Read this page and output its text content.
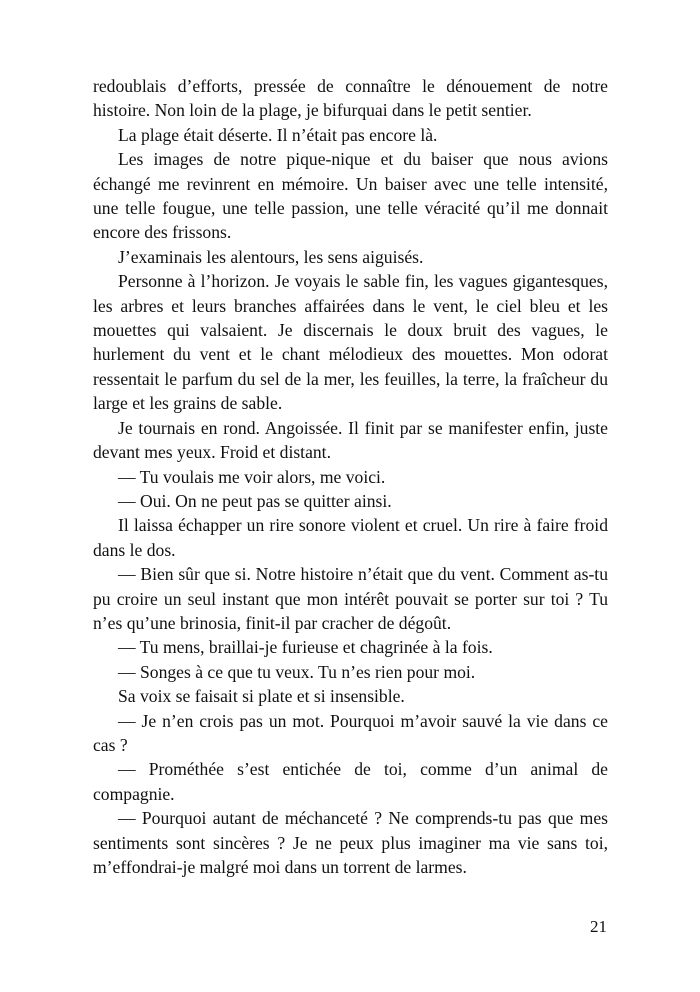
redoublais d’efforts, pressée de connaître le dénouement de notre histoire. Non loin de la plage, je bifurquai dans le petit sentier.

La plage était déserte. Il n’était pas encore là.

Les images de notre pique-nique et du baiser que nous avions échangé me revinrent en mémoire. Un baiser avec une telle intensité, une telle fougue, une telle passion, une telle véracité qu’il me donnait encore des frissons.

J’examinais les alentours, les sens aiguisés.

Personne à l’horizon. Je voyais le sable fin, les vagues gigantesques, les arbres et leurs branches affairées dans le vent, le ciel bleu et les mouettes qui valsaient. Je discernais le doux bruit des vagues, le hurlement du vent et le chant mélodieux des mouettes. Mon odorat ressentait le parfum du sel de la mer, les feuilles, la terre, la fraîcheur du large et les grains de sable.

Je tournais en rond. Angoissée. Il finit par se manifester enfin, juste devant mes yeux. Froid et distant.

— Tu voulais me voir alors, me voici.

— Oui. On ne peut pas se quitter ainsi.

Il laissa échapper un rire sonore violent et cruel. Un rire à faire froid dans le dos.

— Bien sûr que si. Notre histoire n’était que du vent. Comment as-tu pu croire un seul instant que mon intérêt pouvait se porter sur toi ? Tu n’es qu’une brinosia, finit-il par cracher de dégoût.

— Tu mens, braillai-je furieuse et chagrinée à la fois.

— Songes à ce que tu veux. Tu n’es rien pour moi.

Sa voix se faisait si plate et si insensible.

— Je n’en crois pas un mot. Pourquoi m’avoir sauvé la vie dans ce cas ?

— Prométhée s’est entichée de toi, comme d’un animal de compagnie.

— Pourquoi autant de méchanceté ? Ne comprends-tu pas que mes sentiments sont sincères ? Je ne peux plus imaginer ma vie sans toi, m’effondrai-je malgré moi dans un torrent de larmes.

21
